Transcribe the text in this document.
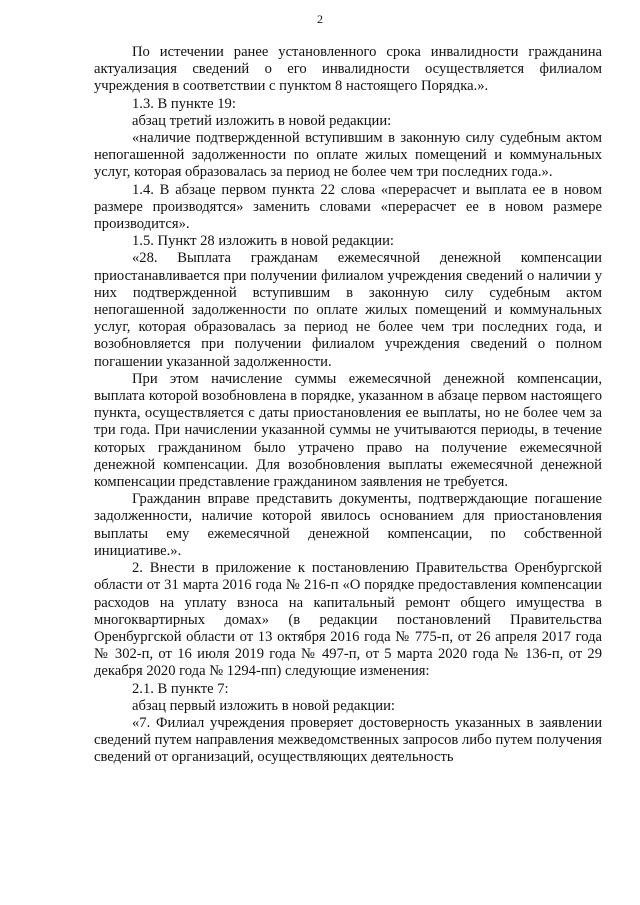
2

По истечении ранее установленного срока инвалидности гражданина актуализация сведений о его инвалидности осуществляется филиалом учреждения в соответствии с пунктом 8 настоящего Порядка.».

1.3. В пункте 19:

абзац третий изложить в новой редакции:

«наличие подтвержденной вступившим в законную силу судебным актом непогашенной задолженности по оплате жилых помещений и коммунальных услуг, которая образовалась за период не более чем три последних года.».

1.4. В абзаце первом пункта 22 слова «перерасчет и выплата ее в новом размере производятся» заменить словами «перерасчет ее в новом размере производится».

1.5. Пункт 28 изложить в новой редакции:

«28. Выплата гражданам ежемесячной денежной компенсации приостанавливается при получении филиалом учреждения сведений о наличии у них подтвержденной вступившим в законную силу судебным актом непогашенной задолженности по оплате жилых помещений и коммунальных услуг, которая образовалась за период не более чем три последних года, и возобновляется при получении филиалом учреждения сведений о полном погашении указанной задолженности.

При этом начисление суммы ежемесячной денежной компенсации, выплата которой возобновлена в порядке, указанном в абзаце первом настоящего пункта, осуществляется с даты приостановления ее выплаты, но не более чем за три года. При начислении указанной суммы не учитываются периоды, в течение которых гражданином было утрачено право на получение ежемесячной денежной компенсации. Для возобновления выплаты ежемесячной денежной компенсации представление гражданином заявления не требуется.

Гражданин вправе представить документы, подтверждающие погашение задолженности, наличие которой явилось основанием для приостановления выплаты ему ежемесячной денежной компенсации, по собственной инициативе.».

2. Внести в приложение к постановлению Правительства Оренбургской области от 31 марта 2016 года № 216-п «О порядке предоставления компенсации расходов на уплату взноса на капитальный ремонт общего имущества в многоквартирных домах» (в редакции постановлений Правительства Оренбургской области от 13 октября 2016 года № 775-п, от 26 апреля 2017 года № 302-п, от 16 июля 2019 года № 497-п, от 5 марта 2020 года № 136-п, от 29 декабря 2020 года № 1294-пп) следующие изменения:

2.1. В пункте 7:

абзац первый изложить в новой редакции:

«7. Филиал учреждения проверяет достоверность указанных в заявлении сведений путем направления межведомственных запросов либо путем получения сведений от организаций, осуществляющих деятельность
